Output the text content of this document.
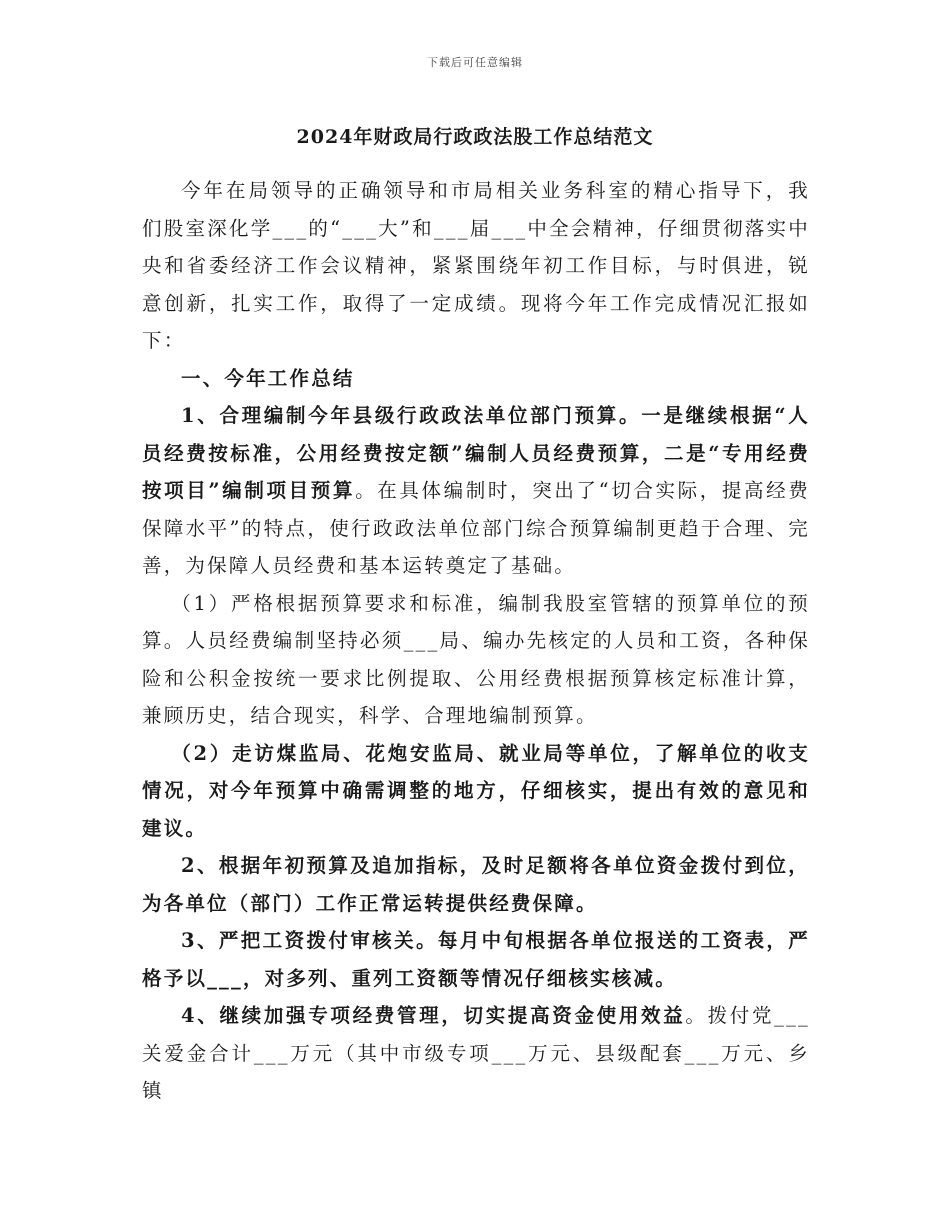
下载后可任意编辑
2024年财政局行政政法股工作总结范文

今年在局领导的正确领导和市局相关业务科室的精心指导下，我们股室深化学___的“___大”和___届___中全会精神，仔细贯彻落实中央和省委经济工作会议精神，紧紧围绕年初工作目标，与时俱进，锐意创新，扎实工作，取得了一定成绩。现将今年工作完成情况汇报如下：

一、今年工作总结

1、合理编制今年县级行政政法单位部门预算。一是继续根据“人员经费按标准，公用经费按定额”编制人员经费预算，二是“专用经费按项目”编制项目预算。在具体编制时，突出了“切合实际，提高经费保障水平”的特点，使行政政法单位部门综合预算编制更趋于合理、完善，为保障人员经费和基本运转奠定了基础。

（1）严格根据预算要求和标准，编制我股室管辖的预算单位的预算。人员经费编制坚持必须___局、编办先核定的人员和工资，各种保险和公积金按统一要求比例提取、公用经费根据预算核定标准计算，兼顾历史，结合现实，科学、合理地编制预算。

（2）走访煤监局、花炮安监局、就业局等单位，了解单位的收支情况，对今年预算中确需调整的地方，仔细核实，提出有效的意见和建议。

2、根据年初预算及追加指标，及时足额将各单位资金拨付到位，为各单位（部门）工作正常运转提供经费保障。

3、严把工资拨付审核关。每月中旬根据各单位报送的工资表，严格予以___，对多列、重列工资额等情况仔细核实核减。

4、继续加强专项经费管理，切实提高资金使用效益。拨付党___关爱金合计___万元（其中市级专项___万元、县级配套___万元、乡镇
